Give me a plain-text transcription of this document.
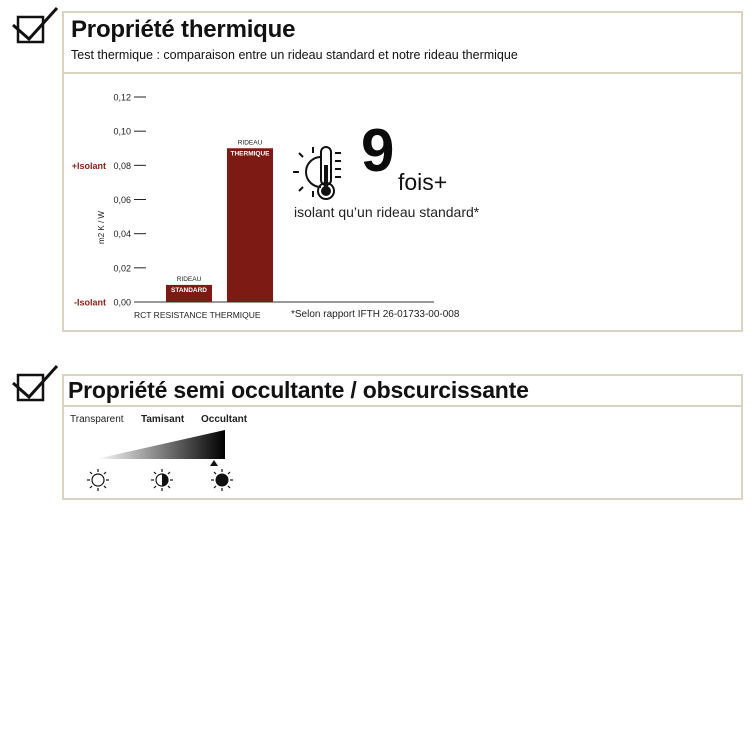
Propriété thermique
Test thermique : comparaison entre un rideau standard et notre rideau thermique
0,00
0,02
0,04
0,06
0,08
0,10
0,12
m2 K / W
+Isolant
-Isolant
RIDEAU
STANDARD
RIDEAU
THERMIQUE
RCT RESISTANCE THERMIQUE
9 fois+
isolant qu’un rideau standard*
*Selon rapport IFTH 26-01733-00-008
Propriété semi occultante / obscurcissante
Transparent Tamisant Occultant
